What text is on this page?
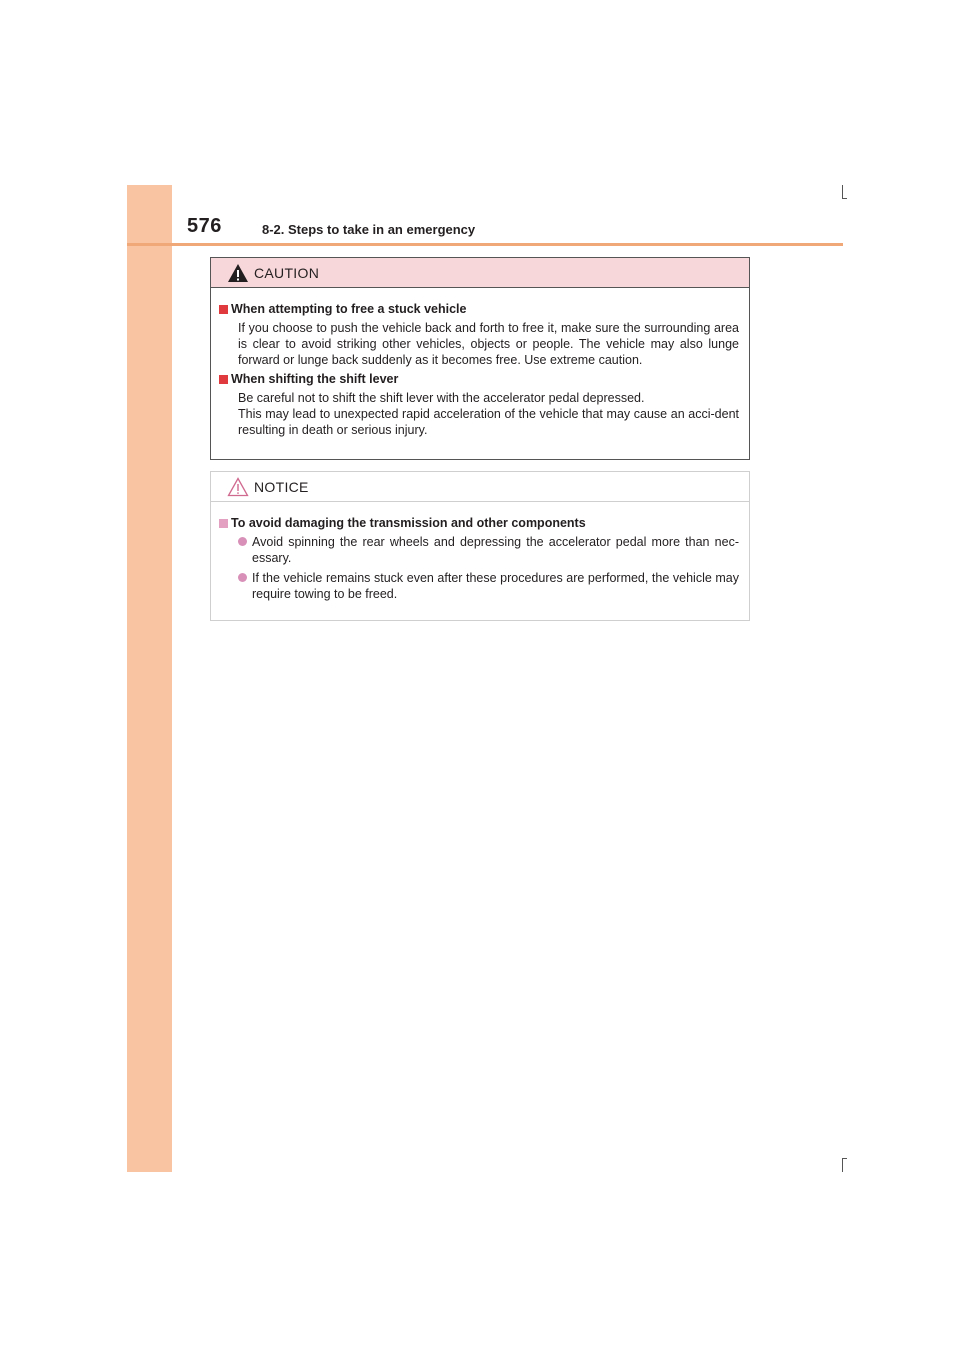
576	8-2. Steps to take in an emergency
CAUTION
When attempting to free a stuck vehicle
If you choose to push the vehicle back and forth to free it, make sure the surrounding area is clear to avoid striking other vehicles, objects or people. The vehicle may also lunge forward or lunge back suddenly as it becomes free. Use extreme caution.
When shifting the shift lever
Be careful not to shift the shift lever with the accelerator pedal depressed.
This may lead to unexpected rapid acceleration of the vehicle that may cause an acci-dent resulting in death or serious injury.
NOTICE
To avoid damaging the transmission and other components
Avoid spinning the rear wheels and depressing the accelerator pedal more than nec-essary.
If the vehicle remains stuck even after these procedures are performed, the vehicle may require towing to be freed.
